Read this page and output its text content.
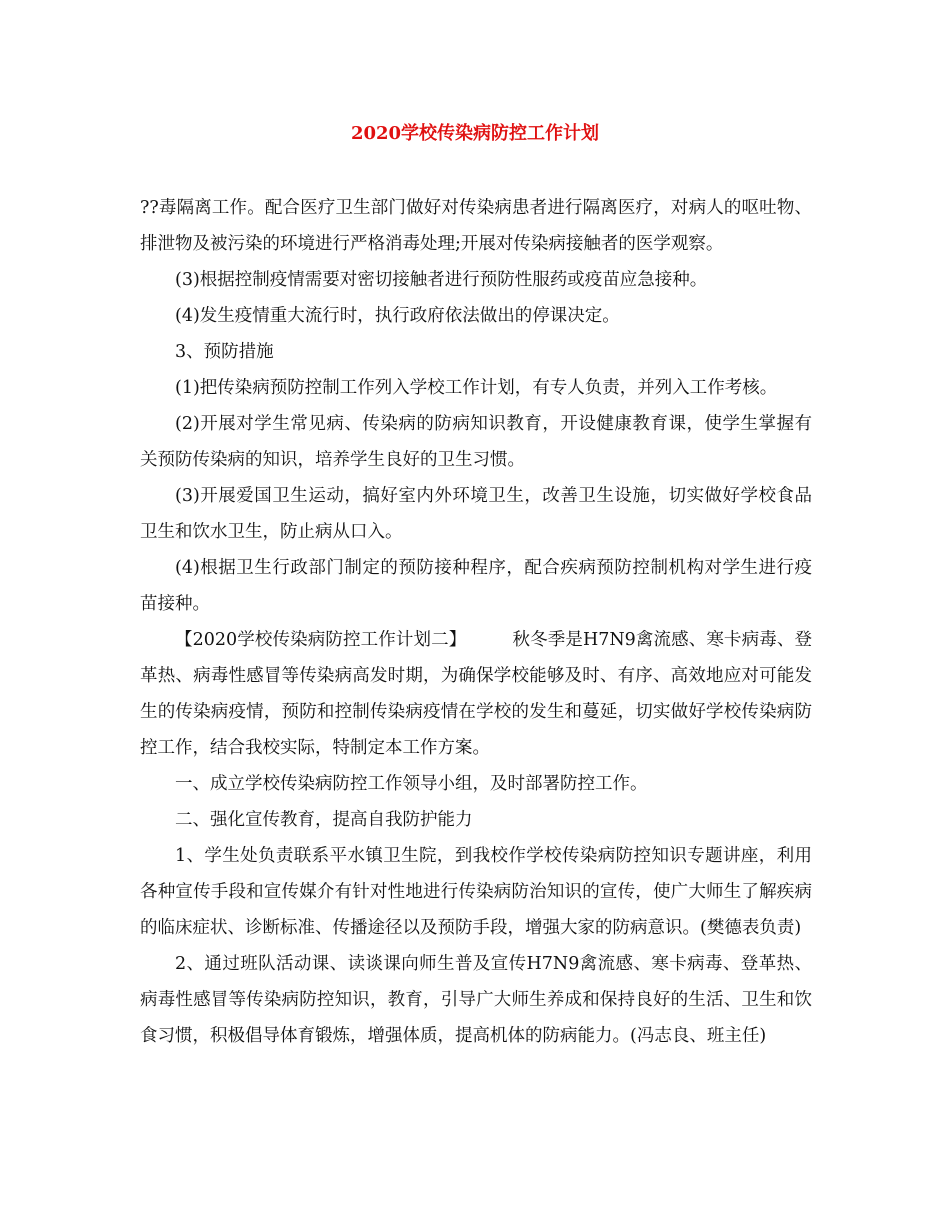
2020学校传染病防控工作计划

??毒隔离工作。配合医疗卫生部门做好对传染病患者进行隔离医疗，对病人的呕吐物、排泄物及被污染的环境进行严格消毒处理;开展对传染病接触者的医学观察。

(3)根据控制疫情需要对密切接触者进行预防性服药或疫苗应急接种。

(4)发生疫情重大流行时，执行政府依法做出的停课决定。

3、预防措施

(1)把传染病预防控制工作列入学校工作计划，有专人负责，并列入工作考核。

(2)开展对学生常见病、传染病的防病知识教育，开设健康教育课，使学生掌握有关预防传染病的知识，培养学生良好的卫生习惯。

(3)开展爱国卫生运动，搞好室内外环境卫生，改善卫生设施，切实做好学校食品卫生和饮水卫生，防止病从口入。

(4)根据卫生行政部门制定的预防接种程序，配合疾病预防控制机构对学生进行疫苗接种。

【2020学校传染病防控工作计划二】	秋冬季是H7N9禽流感、寒卡病毒、登革热、病毒性感冒等传染病高发时期，为确保学校能够及时、有序、高效地应对可能发生的传染病疫情，预防和控制传染病疫情在学校的发生和蔓延，切实做好学校传染病防控工作，结合我校实际，特制定本工作方案。

一、成立学校传染病防控工作领导小组，及时部署防控工作。

二、强化宣传教育，提高自我防护能力

1、学生处负责联系平水镇卫生院，到我校作学校传染病防控知识专题讲座，利用各种宣传手段和宣传媒介有针对性地进行传染病防治知识的宣传，使广大师生了解疾病的临床症状、诊断标准、传播途径以及预防手段，增强大家的防病意识。(樊德表负责)

2、通过班队活动课、读谈课向师生普及宣传H7N9禽流感、寒卡病毒、登革热、病毒性感冒等传染病防控知识，教育，引导广大师生养成和保持良好的生活、卫生和饮食习惯，积极倡导体育锻炼，增强体质，提高机体的防病能力。(冯志良、班主任)
